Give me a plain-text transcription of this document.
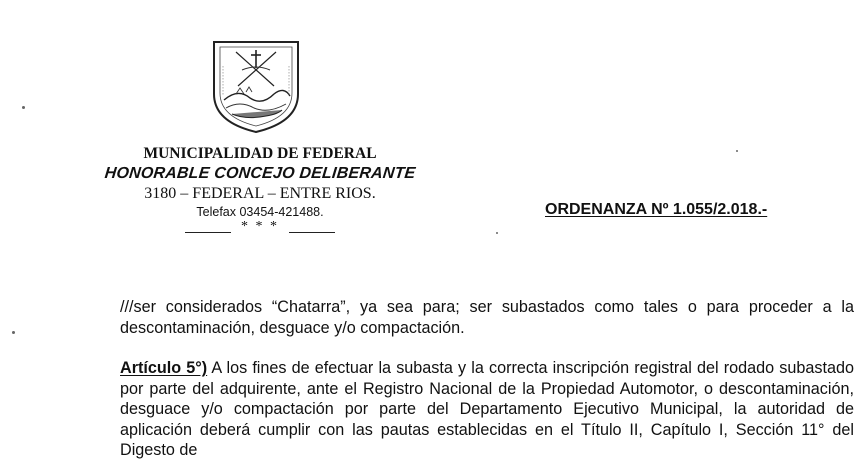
MUNICIPALIDAD DE FEDERAL

HONORABLE CONCEJO DELIBERANTE

3180 – FEDERAL – ENTRE RIOS.

Telefax 03454-421488.

* * *
ORDENANZA Nº 1.055/2.018.-

///ser considerados “Chatarra”, ya sea para; ser subastados como tales o para proceder a la descontaminación, desguace y/o compactación.

Artículo 5°) A los fines de efectuar la subasta y la correcta inscripción registral del rodado subastado por parte del adquirente, ante el Registro Nacional de la Propiedad Automotor, o descontaminación, desguace y/o compactación por parte del Departamento Ejecutivo Municipal, la autoridad de aplicación deberá cumplir con las pautas establecidas en el Título II, Capítulo I, Sección 11° del Digesto de
